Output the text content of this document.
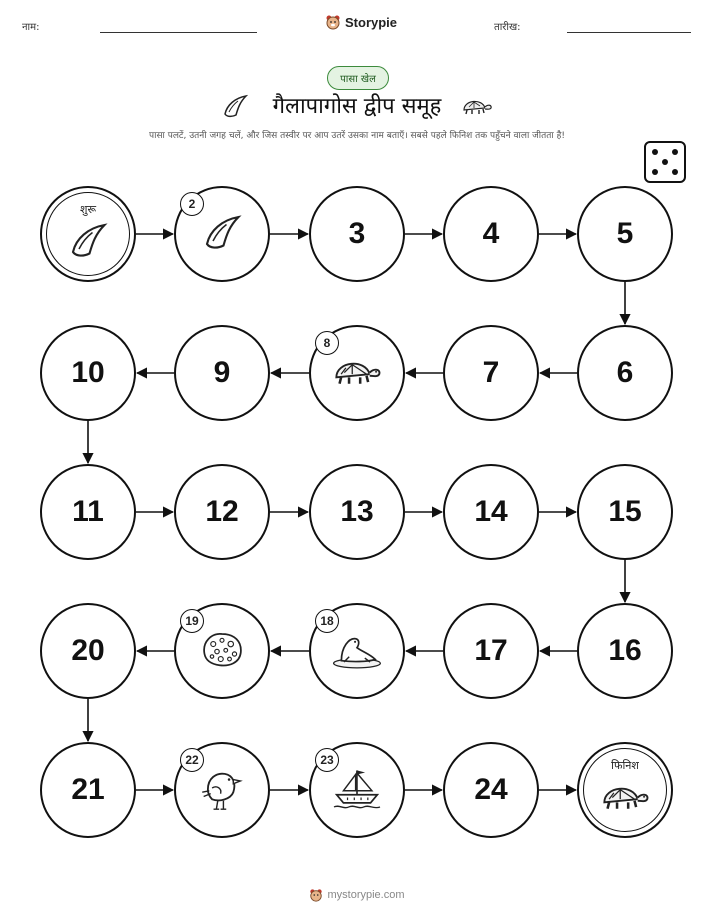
नाम:	Storypie	तारीख:
पासा खेल
गैलापागोस द्वीप समूह
पासा पलटें, उतनी जगह चलें, और जिस तस्वीर पर आप उतरें उसका नाम बताएँ। सबसे पहले फिनिश तक पहुँचने वाला जीतता है!
शुरू	2
3	4	5
6
7
8
9
10
11	12	13	14	15
16
17
18
19
20
21
22	23
24
फिनिश
mystorypie.com
